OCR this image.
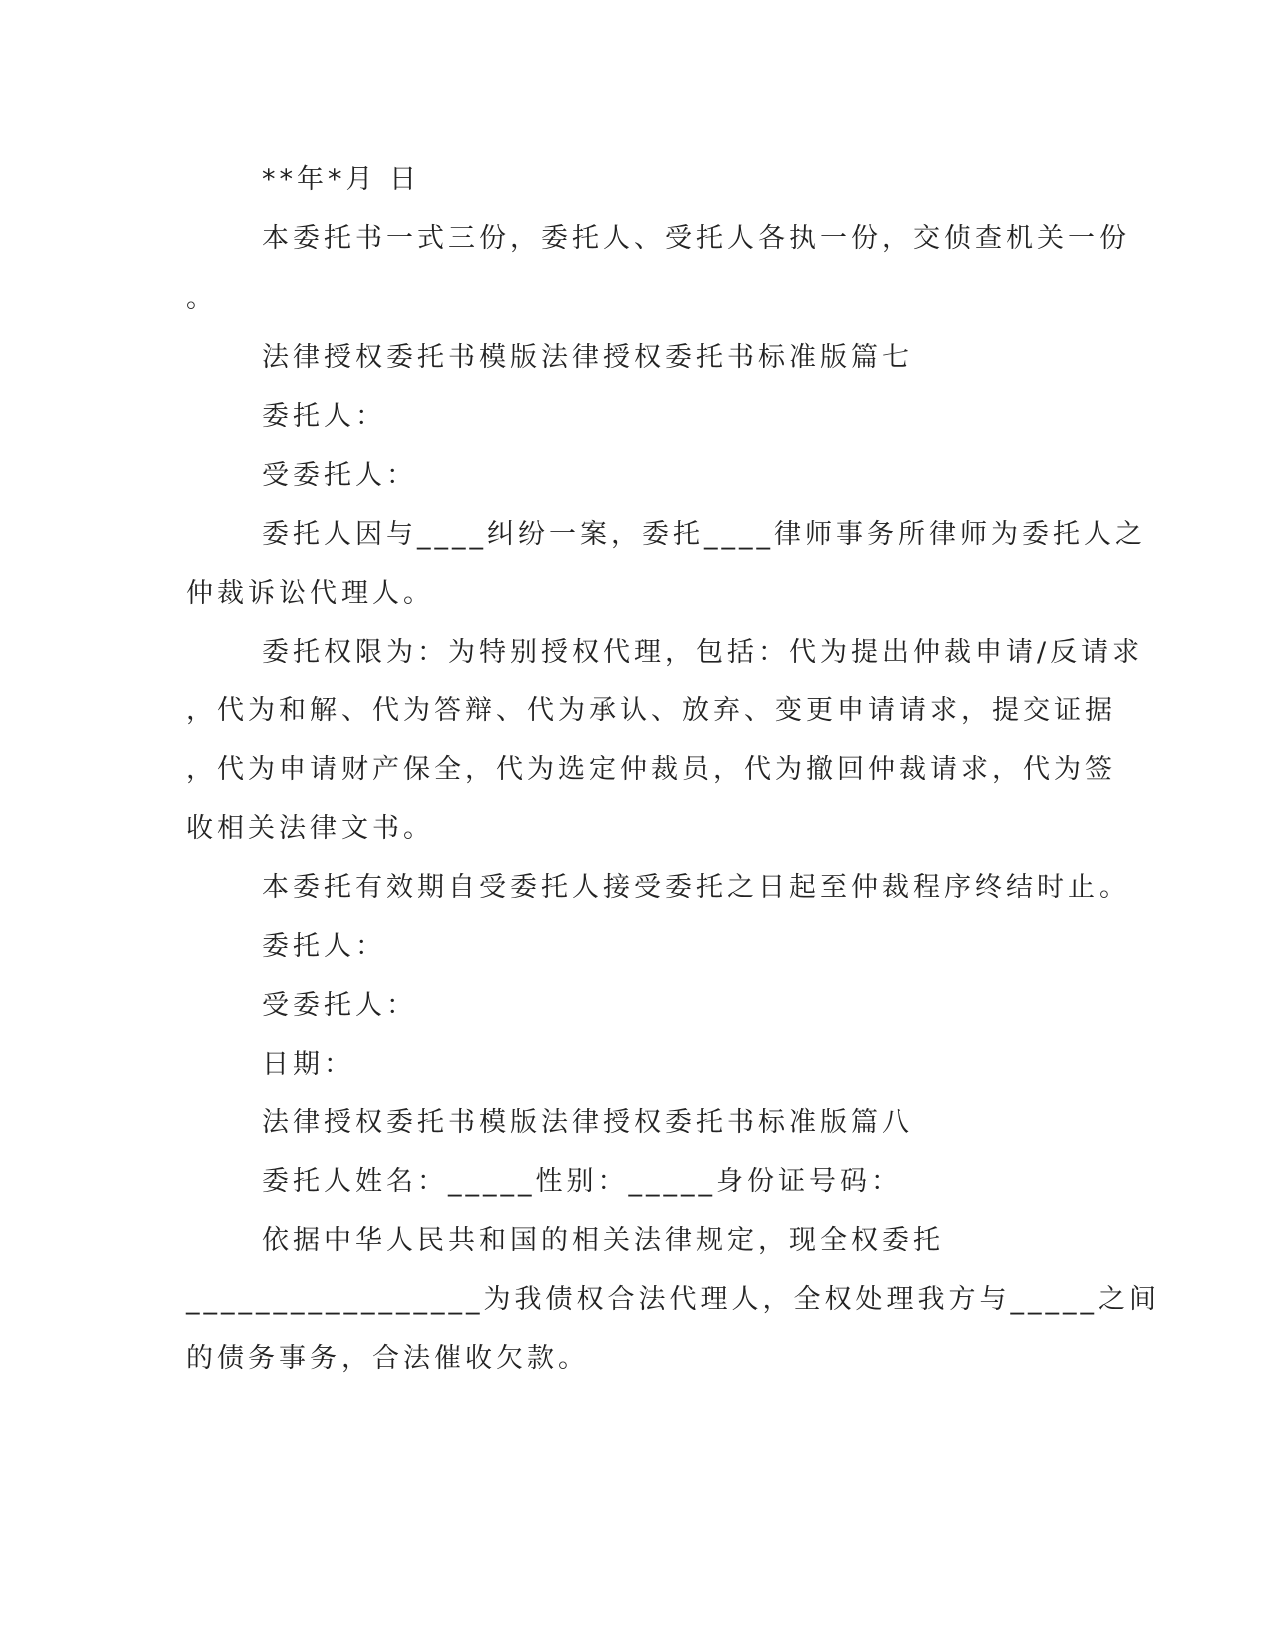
**年*月 日
本委托书一式三份，委托人、受托人各执一份，交侦查机关一份
。
法律授权委托书模版法律授权委托书标准版篇七
委托人：
受委托人：
委托人因与____纠纷一案，委托____律师事务所律师为委托人之
仲裁诉讼代理人。
委托权限为：为特别授权代理，包括：代为提出仲裁申请/反请求
，代为和解、代为答辩、代为承认、放弃、变更申请请求，提交证据
，代为申请财产保全，代为选定仲裁员，代为撤回仲裁请求，代为签
收相关法律文书。
本委托有效期自受委托人接受委托之日起至仲裁程序终结时止。
委托人：
受委托人：
日期：
法律授权委托书模版法律授权委托书标准版篇八
委托人姓名：_____性别：_____身份证号码：
依据中华人民共和国的相关法律规定，现全权委托
_________________为我债权合法代理人，全权处理我方与_____之间
的债务事务，合法催收欠款。
